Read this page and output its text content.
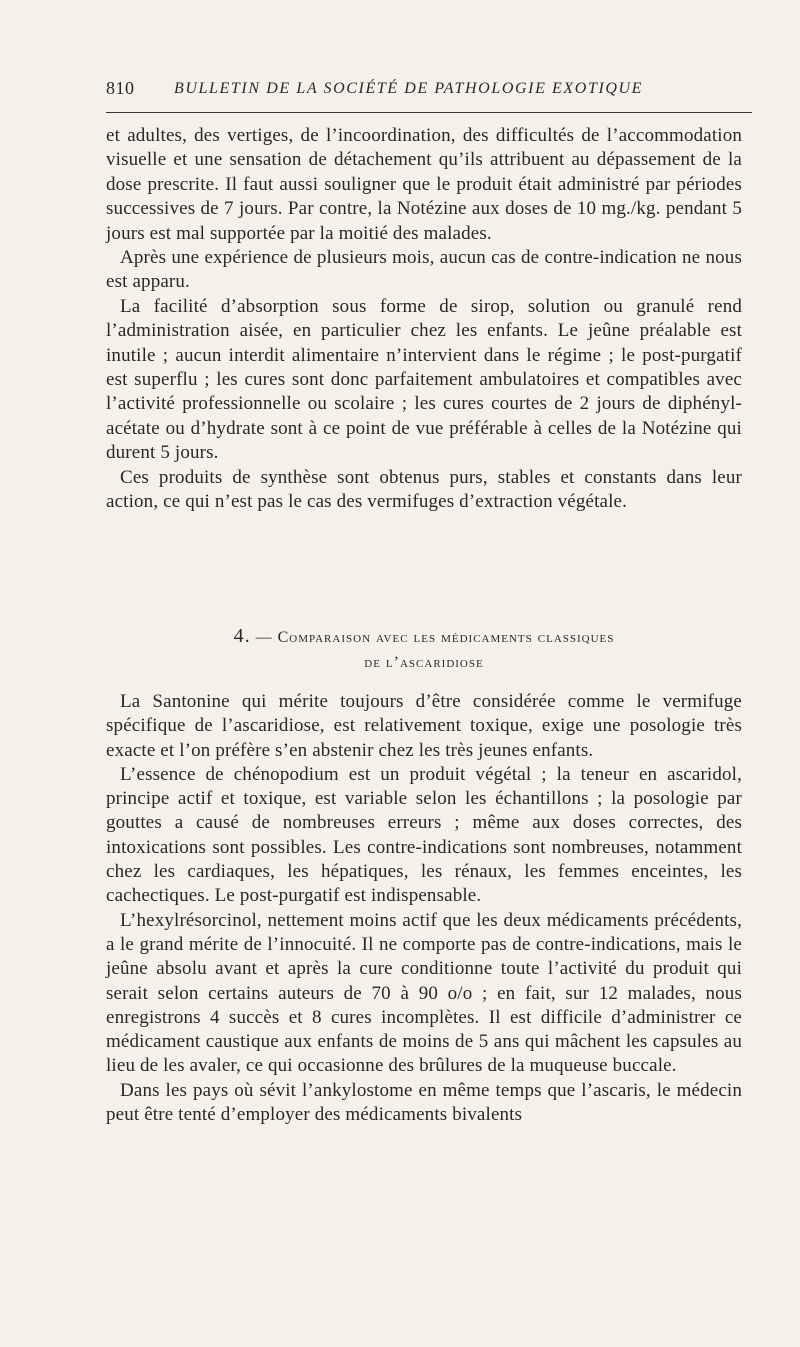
810 BULLETIN DE LA SOCIÉTÉ DE PATHOLOGIE EXOTIQUE

et adultes, des vertiges, de l’incoordination, des difficultés de l’accommodation visuelle et une sensation de détachement qu’ils attribuent au dépassement de la dose prescrite. Il faut aussi souligner que le produit était administré par périodes successives de 7 jours. Par contre, la Notézine aux doses de 10 mg./kg. pendant 5 jours est mal supportée par la moitié des malades.

Après une expérience de plusieurs mois, aucun cas de contre-indication ne nous est apparu.

La facilité d’absorption sous forme de sirop, solution ou granulé rend l’administration aisée, en particulier chez les enfants. Le jeûne préalable est inutile ; aucun interdit alimentaire n’intervient dans le régime ; le post-purgatif est superflu ; les cures sont donc parfaitement ambulatoires et compatibles avec l’activité professionnelle ou scolaire ; les cures courtes de 2 jours de diphényl-acétate ou d’hydrate sont à ce point de vue préférable à celles de la Notézine qui durent 5 jours.

Ces produits de synthèse sont obtenus purs, stables et constants dans leur action, ce qui n’est pas le cas des vermifuges d’extraction végétale.

4. — Comparaison avec les médicaments classiques
de l’ascaridiose

La Santonine qui mérite toujours d’être considérée comme le vermifuge spécifique de l’ascaridiose, est relativement toxique, exige une posologie très exacte et l’on préfère s’en abstenir chez les très jeunes enfants.

L’essence de chénopodium est un produit végétal ; la teneur en ascaridol, principe actif et toxique, est variable selon les échantillons ; la posologie par gouttes a causé de nombreuses erreurs ; même aux doses correctes, des intoxications sont possibles. Les contre-indications sont nombreuses, notamment chez les cardiaques, les hépatiques, les rénaux, les femmes enceintes, les cachectiques. Le post-purgatif est indispensable.

L’hexylrésorcinol, nettement moins actif que les deux médicaments précédents, a le grand mérite de l’innocuité. Il ne comporte pas de contre-indications, mais le jeûne absolu avant et après la cure conditionne toute l’activité du produit qui serait selon certains auteurs de 70 à 90 o/o ; en fait, sur 12 malades, nous enregistrons 4 succès et 8 cures incomplètes. Il est difficile d’administrer ce médicament caustique aux enfants de moins de 5 ans qui mâchent les capsules au lieu de les avaler, ce qui occasionne des brûlures de la muqueuse buccale.

Dans les pays où sévit l’ankylostome en même temps que l’ascaris, le médecin peut être tenté d’employer des médicaments bivalents
